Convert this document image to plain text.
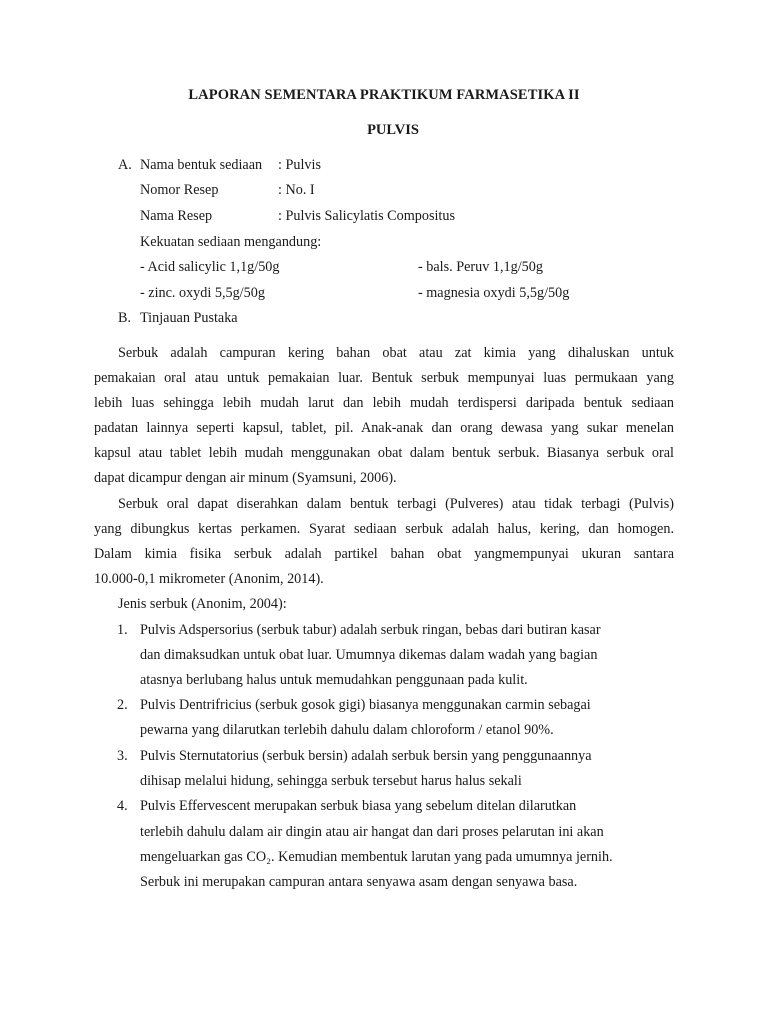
LAPORAN SEMENTARA PRAKTIKUM FARMASETIKA II
PULVIS
A. Nama bentuk sediaan : Pulvis
Nomor Resep	: No. I
Nama Resep	: Pulvis Salicylatis Compositus
Kekuatan sediaan mengandung:
- Acid salicylic 1,1g/50g	- bals. Peruv 1,1g/50g
- zinc. oxydi 5,5g/50g	- magnesia oxydi 5,5g/50g
B. Tinjauan Pustaka
Serbuk adalah campuran kering bahan obat atau zat kimia yang dihaluskan untuk
pemakaian oral atau untuk pemakaian luar. Bentuk serbuk mempunyai luas permukaan yang
lebih luas sehingga lebih mudah larut dan lebih mudah terdispersi daripada bentuk sediaan
padatan lainnya seperti kapsul, tablet, pil. Anak-anak dan orang dewasa yang sukar menelan
kapsul atau tablet lebih mudah menggunakan obat dalam bentuk serbuk. Biasanya serbuk oral
dapat dicampur dengan air minum (Syamsuni, 2006).
Serbuk oral dapat diserahkan dalam bentuk terbagi (Pulveres) atau tidak terbagi (Pulvis)
yang dibungkus kertas perkamen. Syarat sediaan serbuk adalah halus, kering, dan homogen.
Dalam kimia fisika serbuk adalah partikel bahan obat yangmempunyai ukuran santara
10.000-0,1 mikrometer (Anonim, 2014).
Jenis serbuk (Anonim, 2004):
1. Pulvis Adspersorius (serbuk tabur) adalah serbuk ringan, bebas dari butiran kasar
dan dimaksudkan untuk obat luar. Umumnya dikemas dalam wadah yang bagian
atasnya berlubang halus untuk memudahkan penggunaan pada kulit.
2. Pulvis Dentrifricius (serbuk gosok gigi) biasanya menggunakan carmin sebagai
pewarna yang dilarutkan terlebih dahulu dalam chloroform / etanol 90%.
3. Pulvis Sternutatorius (serbuk bersin) adalah serbuk bersin yang penggunaannya
dihisap melalui hidung, sehingga serbuk tersebut harus halus sekali
4. Pulvis Effervescent merupakan serbuk biasa yang sebelum ditelan dilarutkan
terlebih dahulu dalam air dingin atau air hangat dan dari proses pelarutan ini akan
mengeluarkan gas CO₂. Kemudian membentuk larutan yang pada umumnya jernih.
Serbuk ini merupakan campuran antara senyawa asam dengan senyawa basa.
